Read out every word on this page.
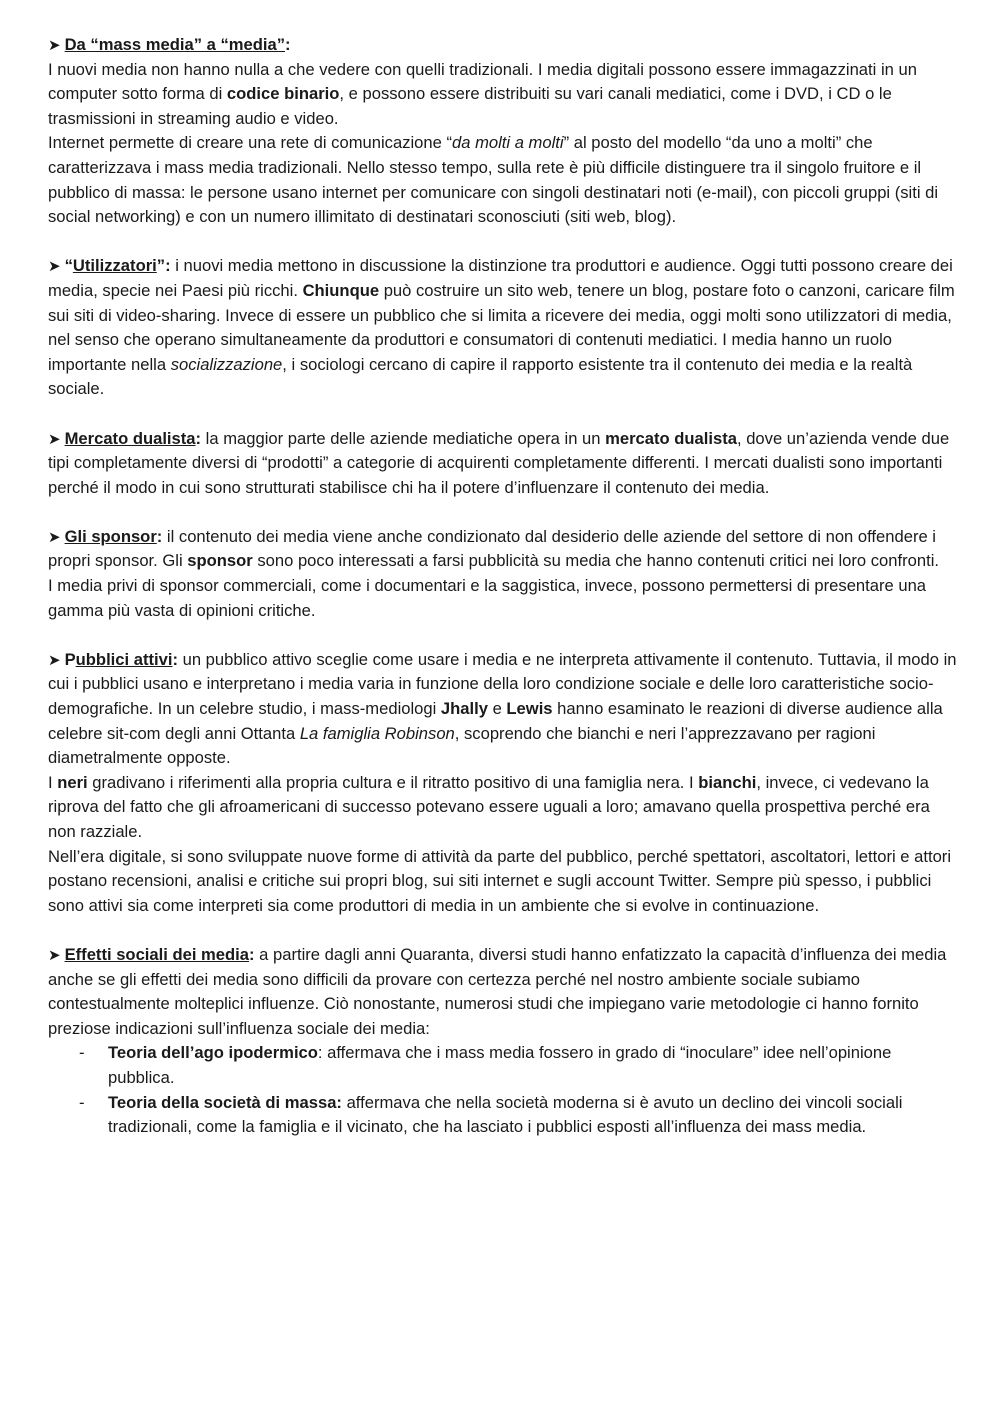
➤ Da “mass media” a “media”:

I nuovi media non hanno nulla a che vedere con quelli tradizionali. I media digitali possono essere immagazzinati in un computer sotto forma di codice binario, e possono essere distribuiti su vari canali mediatici, come i DVD, i CD o le trasmissioni in streaming audio e video.

Internet permette di creare una rete di comunicazione “da molti a molti” al posto del modello “da uno a molti” che caratterizzava i mass media tradizionali. Nello stesso tempo, sulla rete è più difficile distinguere tra il singolo fruitore e il pubblico di massa: le persone usano internet per comunicare con singoli destinatari noti (e-mail), con piccoli gruppi (siti di social networking) e con un numero illimitato di destinatari sconosciuti (siti web, blog).

➤ “Utilizzatori”: i nuovi media mettono in discussione la distinzione tra produttori e audience. Oggi tutti possono creare dei media, specie nei Paesi più ricchi. Chiunque può costruire un sito web, tenere un blog, postare foto o canzoni, caricare film sui siti di video-sharing. Invece di essere un pubblico che si limita a ricevere dei media, oggi molti sono utilizzatori di media, nel senso che operano simultaneamente da produttori e consumatori di contenuti mediatici. I media hanno un ruolo importante nella socializzazione, i sociologi cercano di capire il rapporto esistente tra il contenuto dei media e la realtà sociale.

➤ Mercato dualista: la maggior parte delle aziende mediatiche opera in un mercato dualista, dove un’azienda vende due tipi completamente diversi di “prodotti” a categorie di acquirenti completamente differenti. I mercati dualisti sono importanti perché il modo in cui sono strutturati stabilisce chi ha il potere d’influenzare il contenuto dei media.

➤ Gli sponsor: il contenuto dei media viene anche condizionato dal desiderio delle aziende del settore di non offendere i propri sponsor. Gli sponsor sono poco interessati a farsi pubblicità su media che hanno contenuti critici nei loro confronti.

I media privi di sponsor commerciali, come i documentari e la saggistica, invece, possono permettersi di presentare una gamma più vasta di opinioni critiche.

➤ Pubblici attivi: un pubblico attivo sceglie come usare i media e ne interpreta attivamente il contenuto. Tuttavia, il modo in cui i pubblici usano e interpretano i media varia in funzione della loro condizione sociale e delle loro caratteristiche socio-demografiche. In un celebre studio, i mass-mediologi Jhally e Lewis hanno esaminato le reazioni di diverse audience alla celebre sit-com degli anni Ottanta La famiglia Robinson, scoprendo che bianchi e neri l’apprezzavano per ragioni diametralmente opposte.

I neri gradivano i riferimenti alla propria cultura e il ritratto positivo di una famiglia nera. I bianchi, invece, ci vedevano la riprova del fatto che gli afroamericani di successo potevano essere uguali a loro; amavano quella prospettiva perché era non razziale.

Nell’era digitale, si sono sviluppate nuove forme di attività da parte del pubblico, perché spettatori, ascoltatori, lettori e attori postano recensioni, analisi e critiche sui propri blog, sui siti internet e sugli account Twitter. Sempre più spesso, i pubblici sono attivi sia come interpreti sia come produttori di media in un ambiente che si evolve in continuazione.

➤ Effetti sociali dei media: a partire dagli anni Quaranta, diversi studi hanno enfatizzato la capacità d’influenza dei media anche se gli effetti dei media sono difficili da provare con certezza perché nel nostro ambiente sociale subiamo contestualmente molteplici influenze. Ciò nonostante, numerosi studi che impiegano varie metodologie ci hanno fornito preziose indicazioni sull’influenza sociale dei media:

- Teoria dell’ago ipodermico: affermava che i mass media fossero in grado di “inoculare” idee nell’opinione pubblica.
- Teoria della società di massa: affermava che nella società moderna si è avuto un declino dei vincoli sociali tradizionali, come la famiglia e il vicinato, che ha lasciato i pubblici esposti all’influenza dei mass media.
